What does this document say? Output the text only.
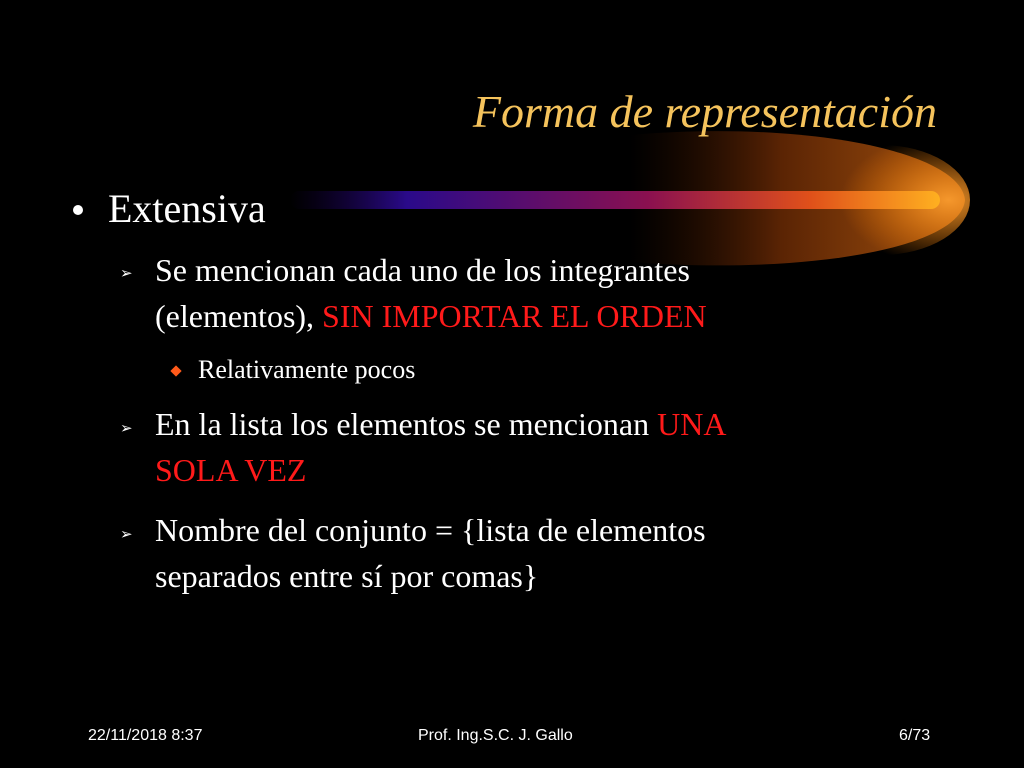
Forma de representación
Extensiva
➢ Se mencionan cada uno de los integrantes
(elementos), SIN IMPORTAR EL ORDEN
Relativamente pocos
➢ En la lista los elementos se mencionan UNA
SOLA VEZ
➢ Nombre del conjunto = {lista de elementos
separados entre sí por comas}
22/11/2018 8:37	Prof. Ing.S.C. J. Gallo	6/73
